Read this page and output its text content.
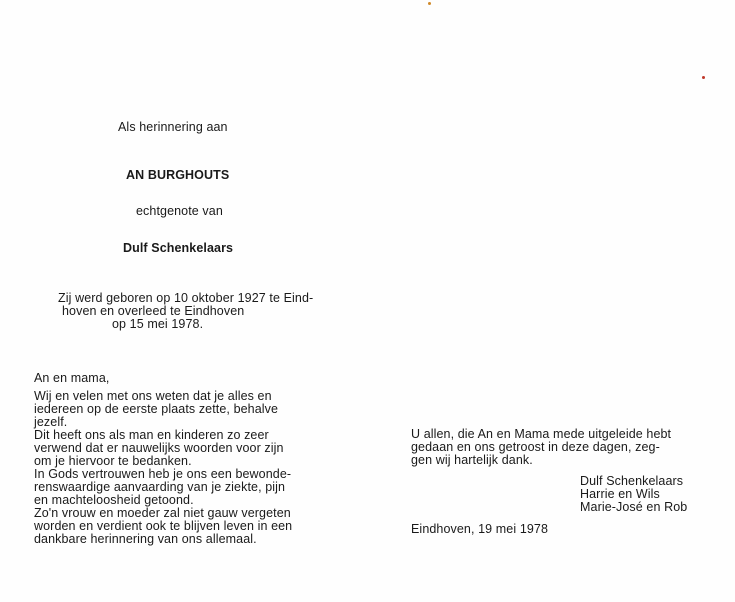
Als herinnering aan
AN BURGHOUTS
echtgenote van
Dulf Schenkelaars
Zij werd geboren op 10 oktober 1927 te Eind-
hoven en overleed te Eindhoven
op 15 mei 1978.
An en mama,
Wij en velen met ons weten dat je alles en
iedereen op de eerste plaats zette, behalve
jezelf.
Dit heeft ons als man en kinderen zo zeer
verwend dat er nauwelijks woorden voor zijn
om je hiervoor te bedanken.
In Gods vertrouwen heb je ons een bewonde-
renswaardige aanvaarding van je ziekte, pijn
en machteloosheid getoond.
Zo'n vrouw en moeder zal niet gauw vergeten
worden en verdient ook te blijven leven in een
dankbare herinnering van ons allemaal.
U allen, die An en Mama mede uitgeleide hebt
gedaan en ons getroost in deze dagen, zeg-
gen wij hartelijk dank.
Dulf Schenkelaars
Harrie en Wils
Marie-José en Rob
Eindhoven, 19 mei 1978
